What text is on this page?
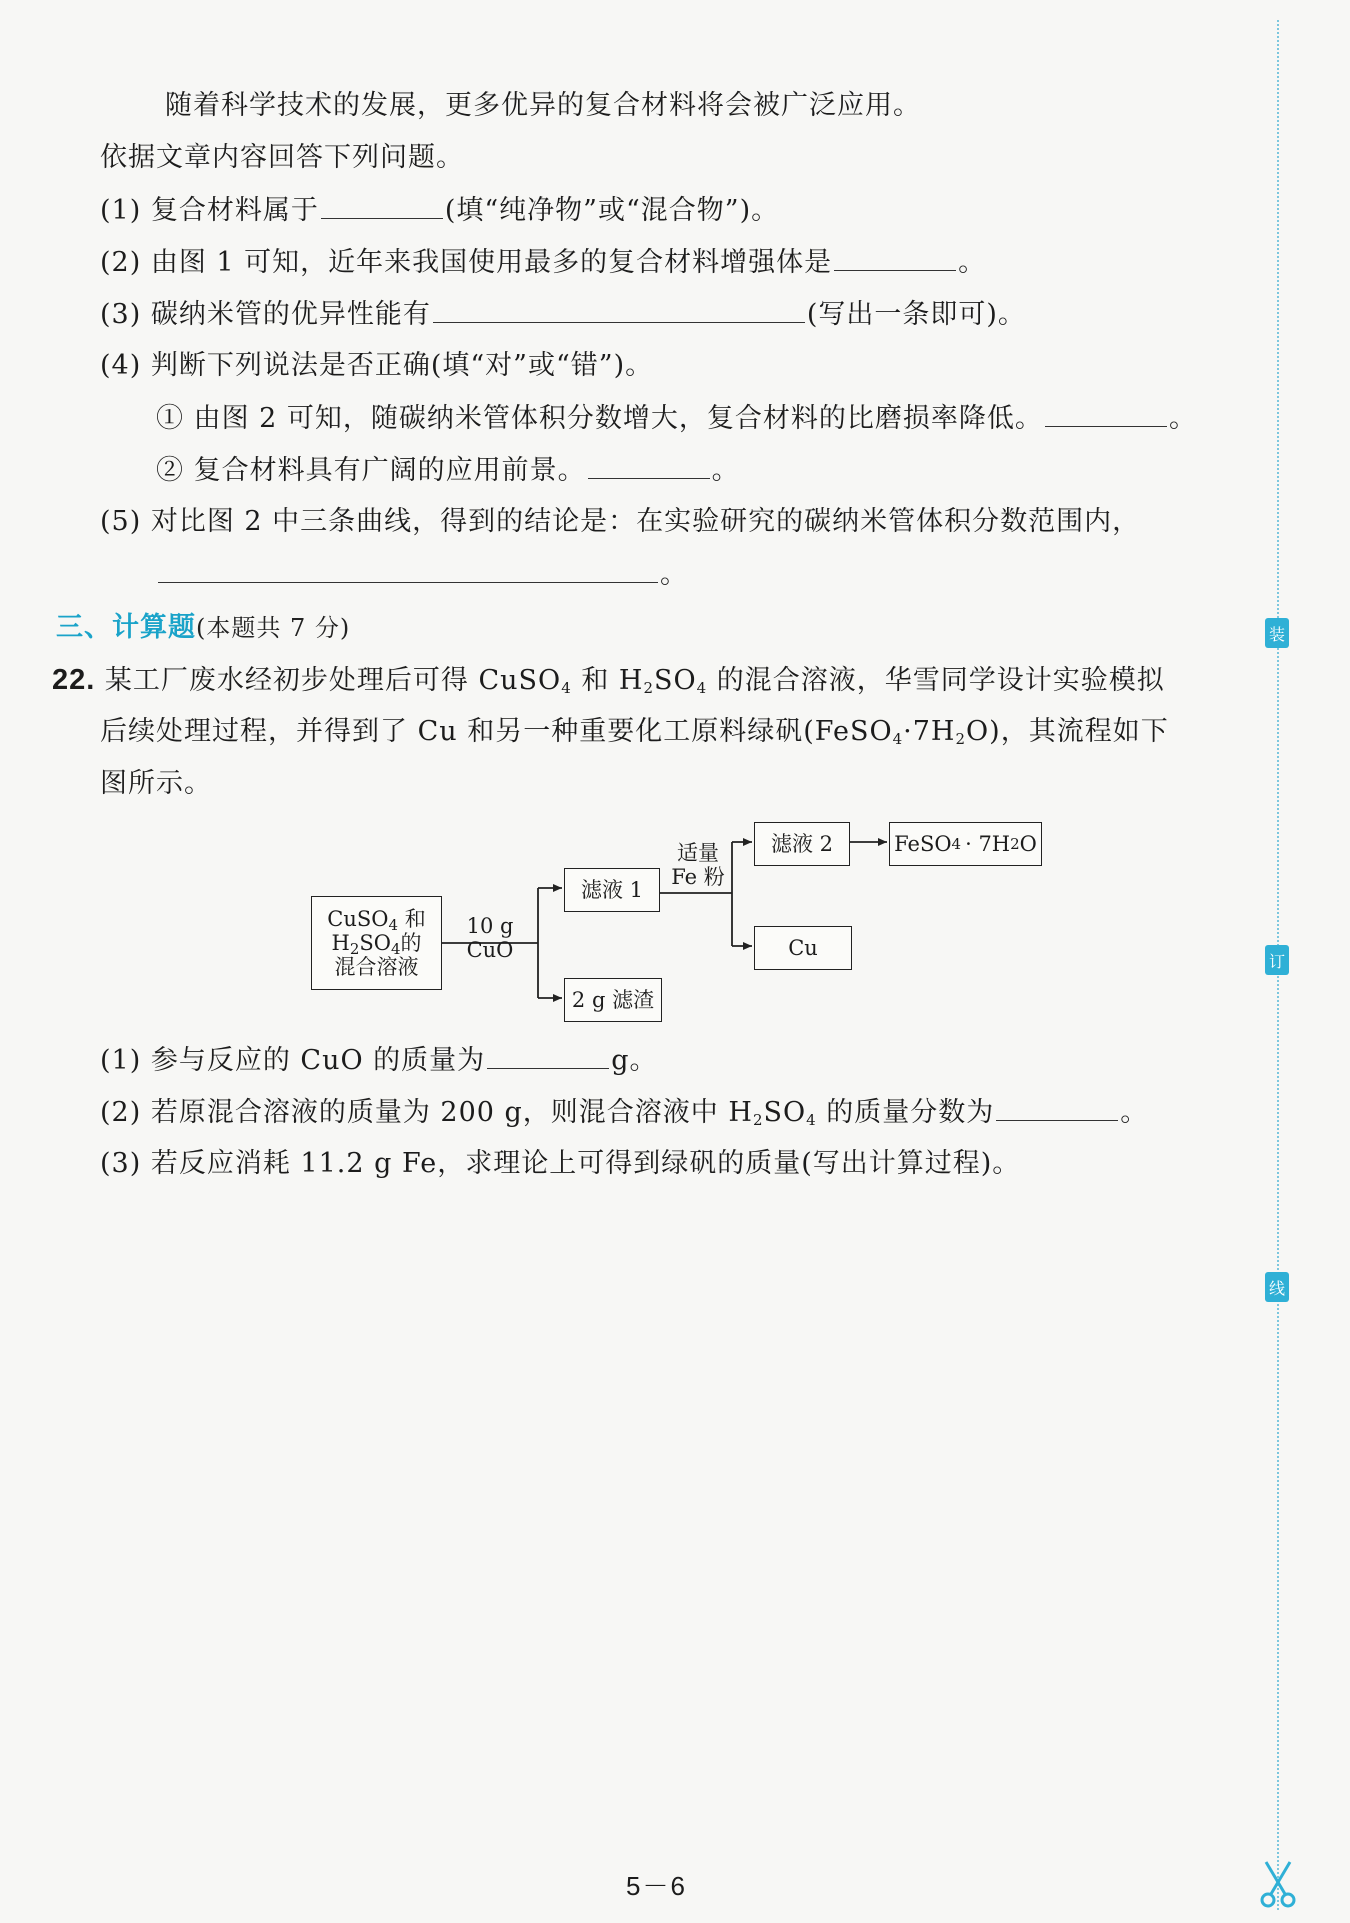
随着科学技术的发展，更多优异的复合材料将会被广泛应用。
依据文章内容回答下列问题。
(1) 复合材料属于	(填“纯净物”或“混合物”)。
(2) 由图 1 可知，近年来我国使用最多的复合材料增强体是	。
(3) 碳纳米管的优异性能有	(写出一条即可)。
(4) 判断下列说法是否正确(填“对”或“错”)。
① 由图 2 可知，随碳纳米管体积分数增大，复合材料的比磨损率降低。	。
② 复合材料具有广阔的应用前景。	。
(5) 对比图 2 中三条曲线，得到的结论是：在实验研究的碳纳米管体积分数范围内，
。
三、计算题(本题共 7 分)
22. 某工厂废水经初步处理后可得 CuSO$_4$ 和 $H_2SO_4$ 的混合溶液，华雪同学设计实验模拟
后续处理过程，并得到了 Cu 和另一种重要化工原料绿矾$(FeSO_4\cdot 7H_2O)$，其流程如下
图所示。
CuSO$_4$ 和
$H_2SO_4$的
混合溶液
10 g CuO
滤液 1
2 g 滤渣
适量
Fe 粉
滤液 2
Cu
FeSO 4 · 7H 2 O
(1) 参与反应的 CuO 的质量为	g。
(2) 若原混合溶液的质量为 200 g，则混合溶液中 $H_2SO_4$ 的质量分数为	。
(3) 若反应消耗 11.2 g Fe，求理论上可得到绿矾的质量(写出计算过程)。
装
订
线
5－6
